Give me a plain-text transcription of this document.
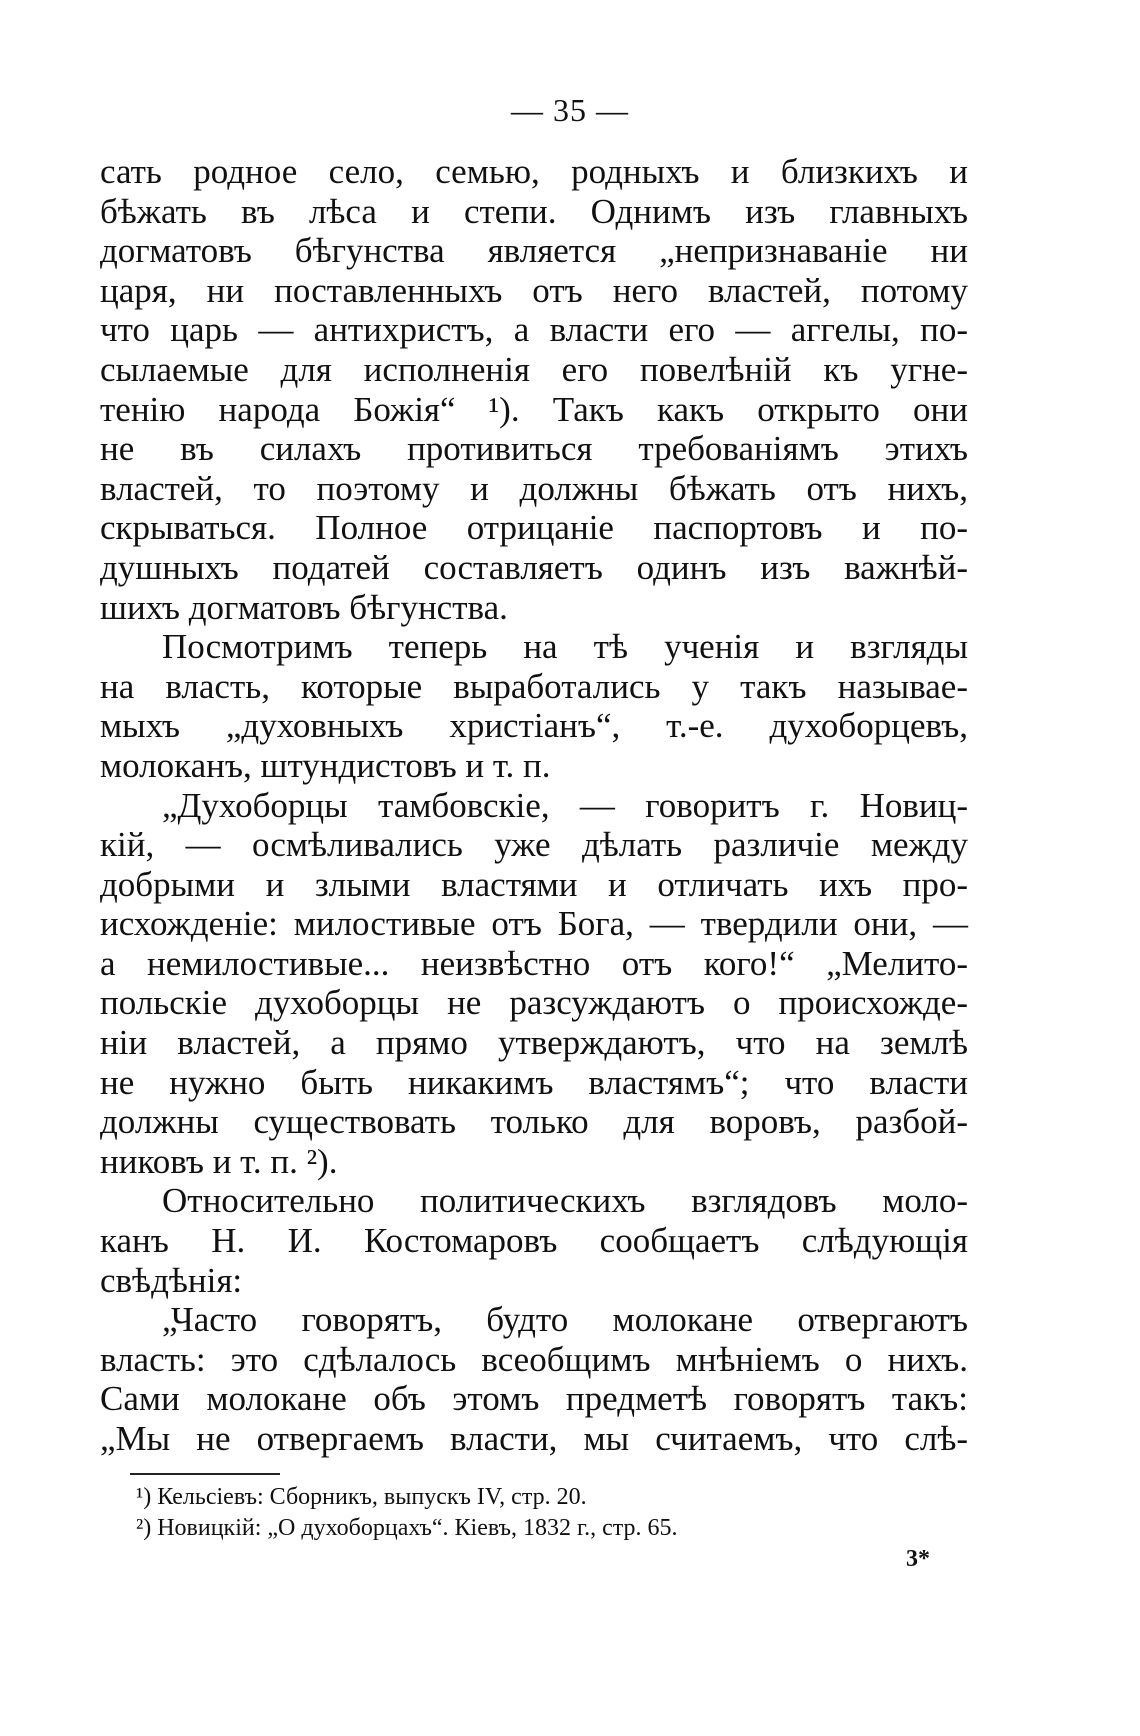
— 35 —
сать родное село, семью, родныхъ и близкихъ и
бѣжать въ лѣса и степи. Однимъ изъ главныхъ
догматовъ бѣгунства является „непризнаваніе ни
царя, ни поставленныхъ отъ него властей, потому
что царь — антихристъ, а власти его — аггелы, по-
сылаемые для исполненія его повелѣній къ угне-
тенію народа Божія“ ¹). Такъ какъ открыто они
не въ силахъ противиться требованіямъ этихъ
властей, то поэтому и должны бѣжать отъ нихъ,
скрываться. Полное отрицаніе паспортовъ и по-
душныхъ податей составляетъ одинъ изъ важнѣй-
шихъ догматовъ бѣгунства.
Посмотримъ теперь на тѣ ученія и взгляды
на власть, которые выработались у такъ называе-
мыхъ „духовныхъ христіанъ“, т.-е. духоборцевъ,
молоканъ, штундистовъ и т. п.
„Духоборцы тамбовскіе, — говоритъ г. Новиц-
кій, — осмѣливались уже дѣлать различіе между
добрыми и злыми властями и отличать ихъ про-
исхожденіе: милостивые отъ Бога, — твердили они, —
а немилостивые... неизвѣстно отъ кого!“ „Мелито-
польскіе духоборцы не разсуждаютъ о происхожде-
ніи властей, а прямо утверждаютъ, что на землѣ
не нужно быть никакимъ властямъ“; что власти
должны существовать только для воровъ, разбой-
никовъ и т. п. ²).
Относительно политическихъ взглядовъ моло-
канъ Н. И. Костомаровъ сообщаетъ слѣдующія
свѣдѣнія:
„Часто говорятъ, будто молокане отвергаютъ
власть: это сдѣлалось всеобщимъ мнѣніемъ о нихъ.
Сами молокане объ этомъ предметѣ говорятъ такъ:
„Мы не отвергаемъ власти, мы считаемъ, что слѣ-
¹) Кельсіевъ: Сборникъ, выпускъ IV, стр. 20.
²) Новицкій: „О духоборцахъ“. Кіевъ, 1832 г., стр. 65.
3*
